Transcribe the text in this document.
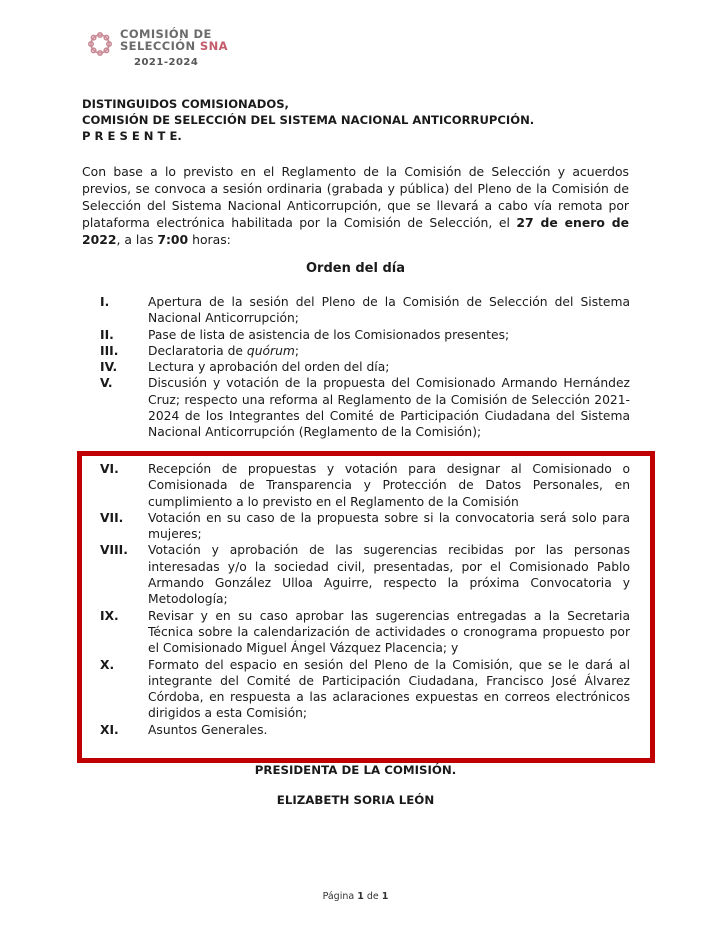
COMISIÓN DE
SELECCIÓN SNA
2021-2024
DISTINGUIDOS COMISIONADOS,
COMISIÓN DE SELECCIÓN DEL SISTEMA NACIONAL ANTICORRUPCIÓN.
P R E S E N T E.
Con base a lo previsto en el Reglamento de la Comisión de Selección y acuerdos previos, se convoca a sesión ordinaria (grabada y pública) del Pleno de la Comisión de Selección del Sistema Nacional Anticorrupción, que se llevará a cabo vía remota por plataforma electrónica habilitada por la Comisión de Selección, el 27 de enero de 2022, a las 7:00 horas:
Orden del día
I.	Apertura de la sesión del Pleno de la Comisión de Selección del Sistema Nacional Anticorrupción;
II.	Pase de lista de asistencia de los Comisionados presentes;
III.	Declaratoria de quórum;
IV.	Lectura y aprobación del orden del día;
V.	Discusión y votación de la propuesta del Comisionado Armando Hernández Cruz; respecto una reforma al Reglamento de la Comisión de Selección 2021-2024 de los Integrantes del Comité de Participación Ciudadana del Sistema Nacional Anticorrupción (Reglamento de la Comisión);
VI.	Recepción de propuestas y votación para designar al Comisionado o Comisionada de Transparencia y Protección de Datos Personales, en cumplimiento a lo previsto en el Reglamento de la Comisión
VII.	Votación en su caso de la propuesta sobre si la convocatoria será solo para mujeres;
VIII.	Votación y aprobación de las sugerencias recibidas por las personas interesadas y/o la sociedad civil, presentadas, por el Comisionado Pablo Armando González Ulloa Aguirre, respecto la próxima Convocatoria y Metodología;
IX.	Revisar y en su caso aprobar las sugerencias entregadas a la Secretaria Técnica sobre la calendarización de actividades o cronograma propuesto por el Comisionado Miguel Ángel Vázquez Placencia; y
X.	Formato del espacio en sesión del Pleno de la Comisión, que se le dará al integrante del Comité de Participación Ciudadana, Francisco José Álvarez Córdoba, en respuesta a las aclaraciones expuestas en correos electrónicos dirigidos a esta Comisión;
XI.	Asuntos Generales.
PRESIDENTA DE LA COMISIÓN.
ELIZABETH SORIA LEÓN
Página 1 de 1
